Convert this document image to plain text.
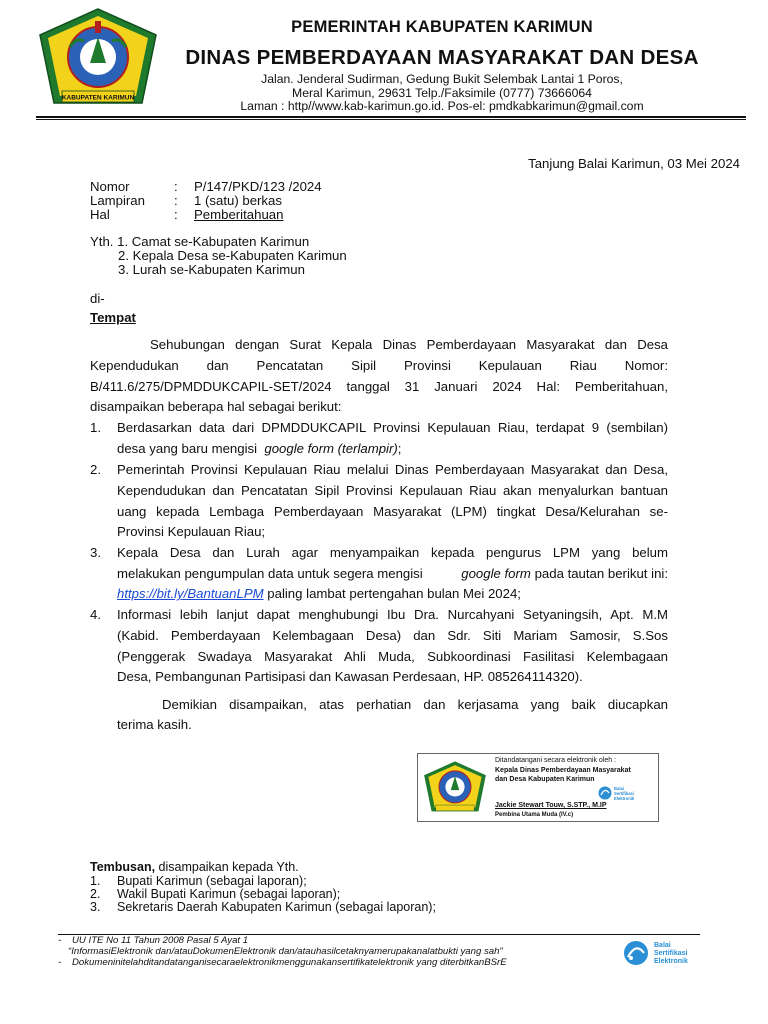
KABUPATEN KARIMUN
PEMERINTAH KABUPATEN KARIMUN
DINAS PEMBERDAYAAN MASYARAKAT DAN DESA
Jalan. Jenderal Sudirman, Gedung Bukit Selembak Lantai 1 Poros,
Meral Karimun, 29631 Telp./Faksimile (0777) 73666064
Laman : http//www.kab-karimun.go.id. Pos-el: pmdkabkarimun@gmail.com
Tanjung Balai Karimun, 03 Mei 2024
Nomor	:	P/147/PKD/123 /2024
Lampiran	:	1 (satu) berkas
Hal	:	Pemberitahuan
Yth. 1. Camat se-Kabupaten Karimun
2. Kepala Desa se-Kabupaten Karimun
3. Lurah se-Kabupaten Karimun
di-
Tempat
Sehubungan dengan Surat Kepala Dinas Pemberdayaan Masyarakat dan Desa
Kependudukan dan Pencatatan Sipil Provinsi Kepulauan Riau Nomor:
B/411.6/275/DPMDDUKCAPIL-SET/2024 tanggal 31 Januari 2024 Hal: Pemberitahuan,
disampaikan beberapa hal sebagai berikut:
1. Berdasarkan data dari DPMDDUKCAPIL Provinsi Kepulauan Riau, terdapat 9 (sembilan)
desa yang baru mengisi google form (terlampir);
2. Pemerintah Provinsi Kepulauan Riau melalui Dinas Pemberdayaan Masyarakat dan Desa,
Kependudukan dan Pencatatan Sipil Provinsi Kepulauan Riau akan menyalurkan bantuan
uang kepada Lembaga Pemberdayaan Masyarakat (LPM) tingkat Desa/Kelurahan se-
Provinsi Kepulauan Riau;
3. Kepala Desa dan Lurah agar menyampaikan kepada pengurus LPM yang belum
melakukan pengumpulan data untuk segera mengisi	google form pada tautan berikut ini:
https://bit.ly/BantuanLPM paling lambat pertengahan bulan Mei 2024;
4. Informasi lebih lanjut dapat menghubungi Ibu Dra. Nurcahyani Setyaningsih, Apt. M.M
(Kabid. Pemberdayaan Kelembagaan Desa) dan Sdr. Siti Mariam Samosir, S.Sos
(Penggerak Swadaya Masyarakat Ahli Muda, Subkoordinasi Fasilitasi Kelembagaan
Desa, Pembangunan Partisipasi dan Kawasan Perdesaan, HP. 085264114320).
Demikian disampaikan, atas perhatian dan kerjasama yang baik diucapkan
terima kasih.
Ditandatangani secara elektronik oleh :
Kepala Dinas Pemberdayaan Masyarakat
dan Desa Kabupaten Karimun
Balai
Sertifikasi
Elektronik
Jackie Stewart Touw, S.STP., M.IP
Pembina Utama Muda (IV.c)
Tembusan, disampaikan kepada Yth.
1. Bupati Karimun (sebagai laporan);
2. Wakil Bupati Karimun (sebagai laporan);
3. Sekretaris Daerah Kabupaten Karimun (sebagai laporan);
- UU ITE No 11 Tahun 2008 Pasal 5 Ayat 1
“InformasiElektronik dan/atauDokumenElektronik dan/atauhasilcetaknyamerupakanalatbukti yang sah”
- Dokumeninitelahditandatanganisecaraelektronikmenggunakansertifikatelektronik yang diterbitkanBSrE
Balai
Sertifikasi
Elektronik
